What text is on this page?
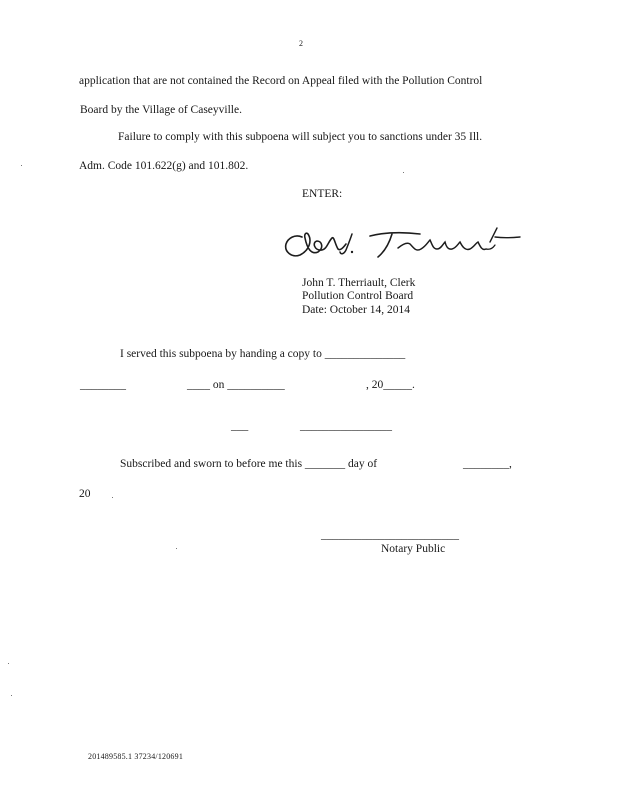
2
application that are not contained the Record on Appeal filed with the Pollution Control
Board by the Village of Caseyville.
Failure to comply with this subpoena will subject you to sanctions under 35 Ill.
Adm. Code 101.622(g) and 101.802.
ENTER:
John T. Therriault, Clerk
Pollution Control Board
Date: October 14, 2014
I served this subpoena by handing a copy to ______________
________	____ on __________	, 20_____.
___	________________
Subscribed and sworn to before me this _______ day of	________,
20
________________________
Notary Public
201489585.1 37234/120691
